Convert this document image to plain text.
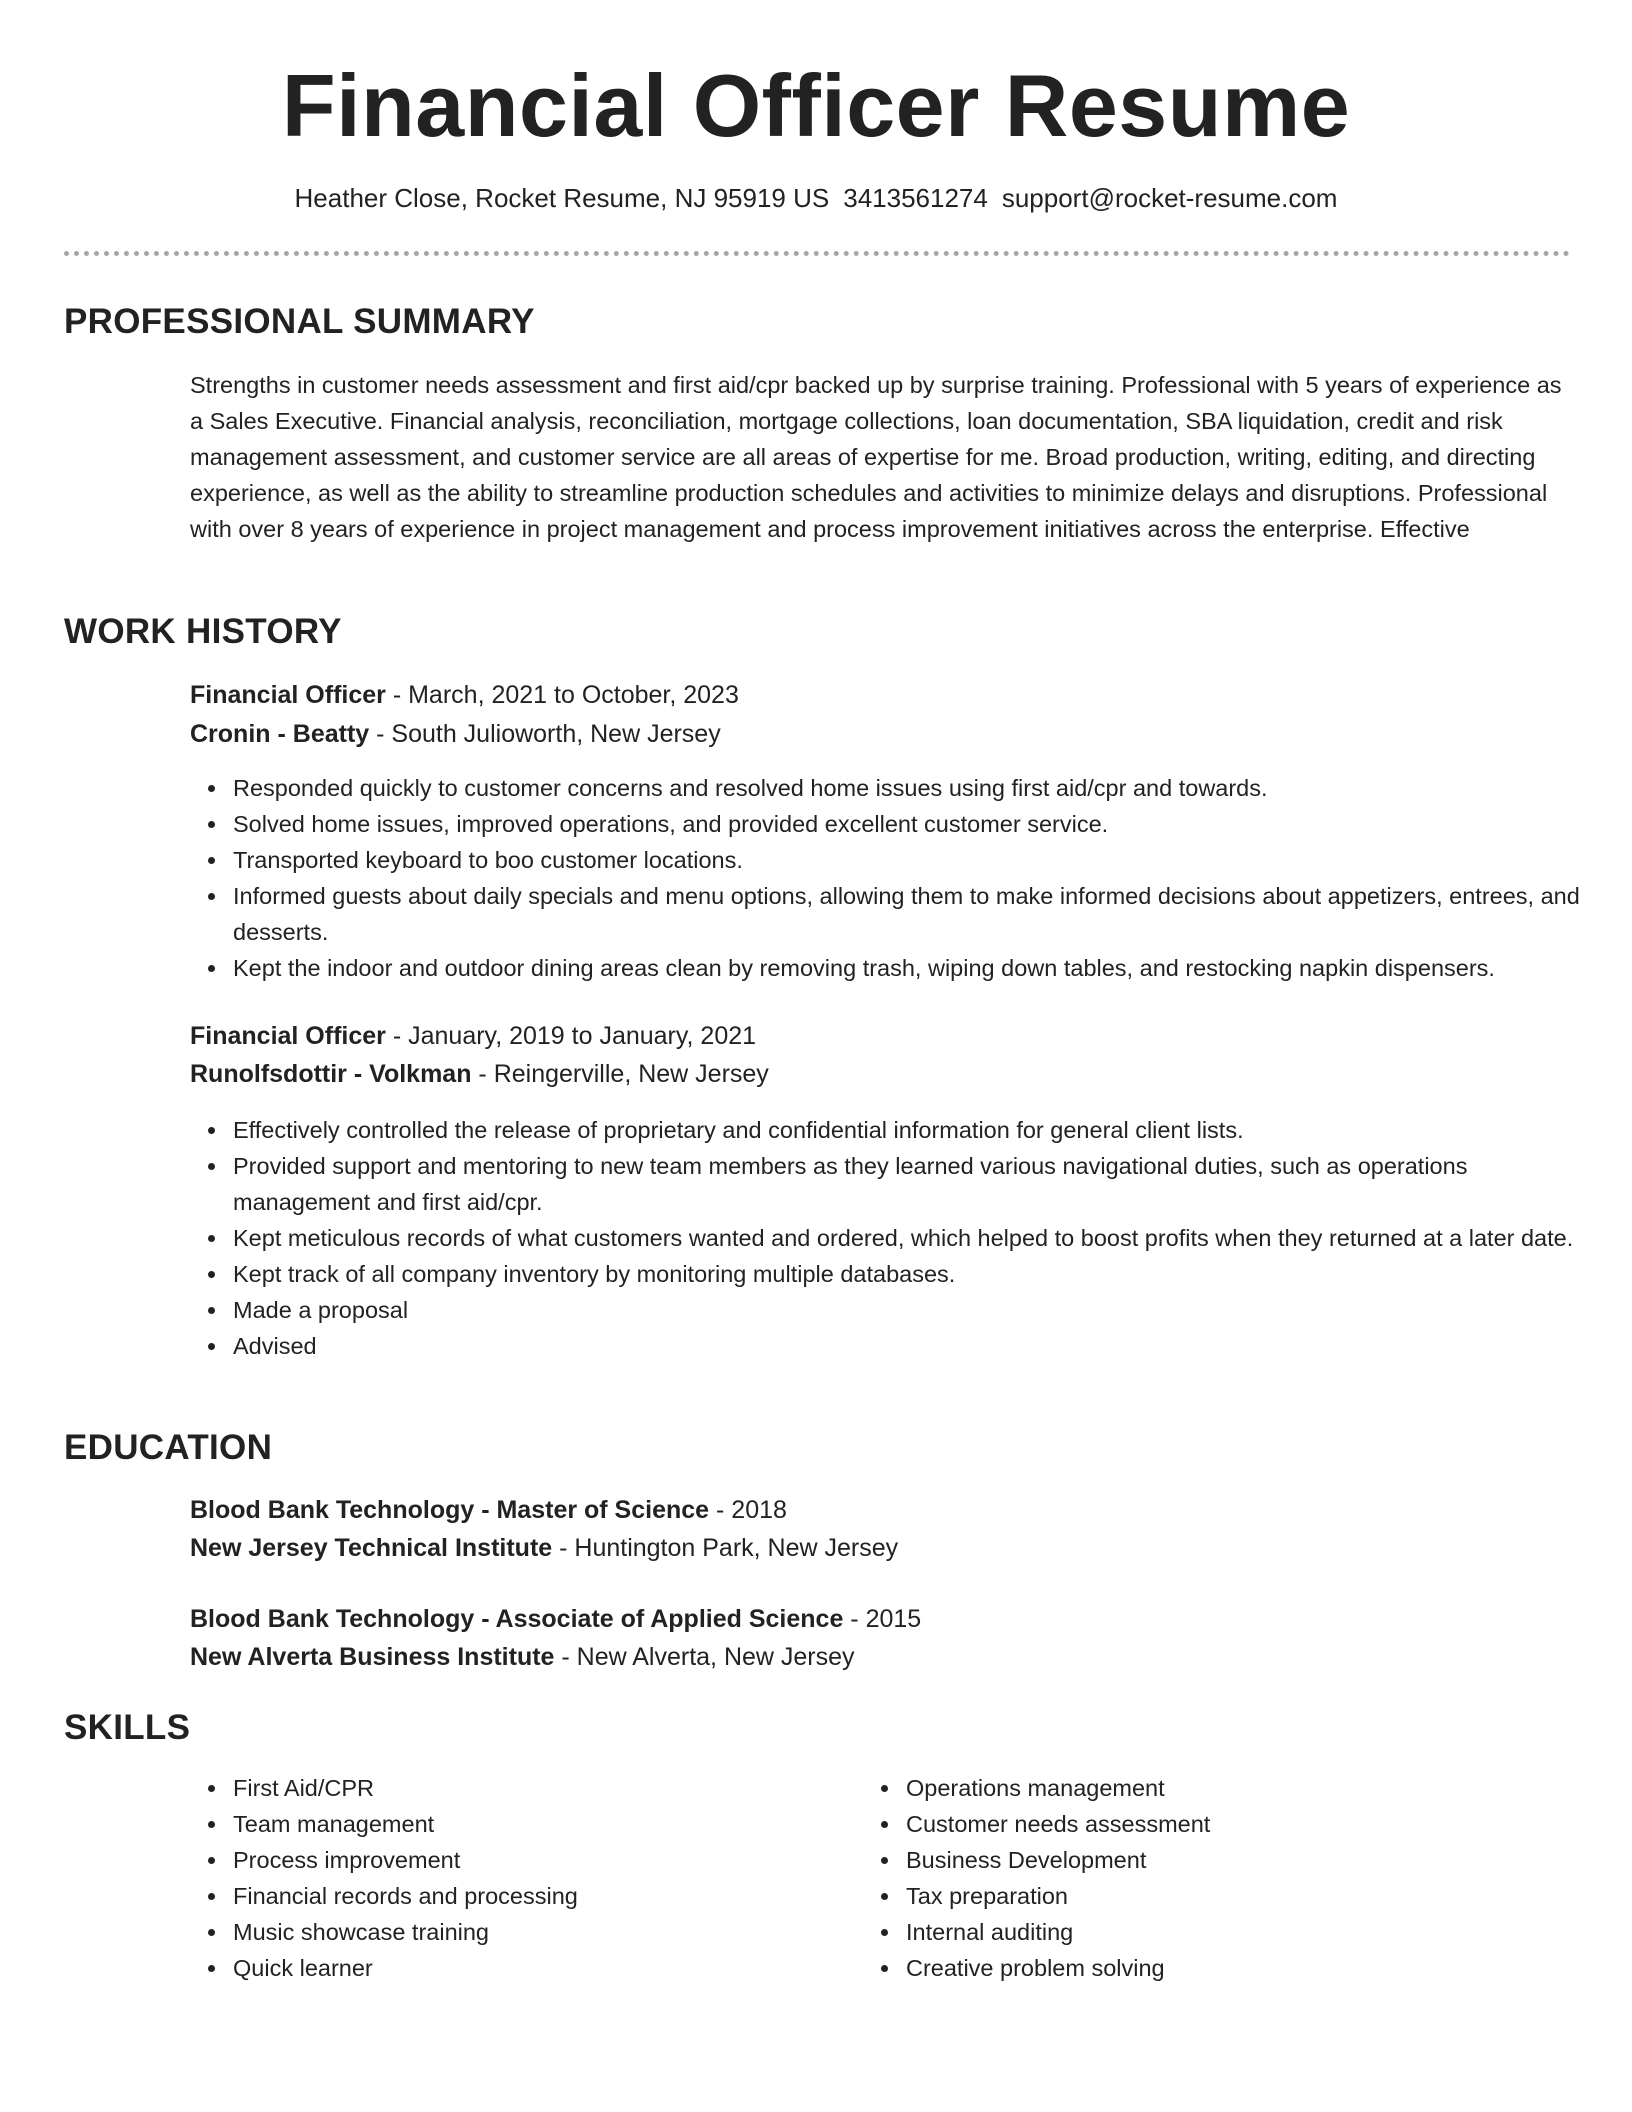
Financial Officer Resume
Heather Close, Rocket Resume, NJ 95919 US 3413561274 support@rocket-resume.com
PROFESSIONAL SUMMARY

Strengths in customer needs assessment and first aid/cpr backed up by surprise training. Professional with 5 years of experience as a Sales Executive. Financial analysis, reconciliation, mortgage collections, loan documentation, SBA liquidation, credit and risk management assessment, and customer service are all areas of expertise for me. Broad production, writing, editing, and directing experience, as well as the ability to streamline production schedules and activities to minimize delays and disruptions. Professional with over 8 years of experience in project management and process improvement initiatives across the enterprise. Effective

WORK HISTORY
Financial Officer - March, 2021 to October, 2023
Cronin - Beatty - South Julioworth, New Jersey
Responded quickly to customer concerns and resolved home issues using first aid/cpr and towards.
Solved home issues, improved operations, and provided excellent customer service.
Transported keyboard to boo customer locations.
Informed guests about daily specials and menu options, allowing them to make informed decisions about appetizers, entrees, and desserts.
Kept the indoor and outdoor dining areas clean by removing trash, wiping down tables, and restocking napkin dispensers.
Financial Officer - January, 2019 to January, 2021
Runolfsdottir - Volkman - Reingerville, New Jersey
Effectively controlled the release of proprietary and confidential information for general client lists.
Provided support and mentoring to new team members as they learned various navigational duties, such as operations management and first aid/cpr.
Kept meticulous records of what customers wanted and ordered, which helped to boost profits when they returned at a later date.
Kept track of all company inventory by monitoring multiple databases.
Made a proposal
Advised
EDUCATION
Blood Bank Technology - Master of Science - 2018
New Jersey Technical Institute - Huntington Park, New Jersey
Blood Bank Technology - Associate of Applied Science - 2015
New Alverta Business Institute - New Alverta, New Jersey
SKILLS
First Aid/CPR
Team management
Process improvement
Financial records and processing
Music showcase training
Quick learner
Operations management
Customer needs assessment
Business Development
Tax preparation
Internal auditing
Creative problem solving
